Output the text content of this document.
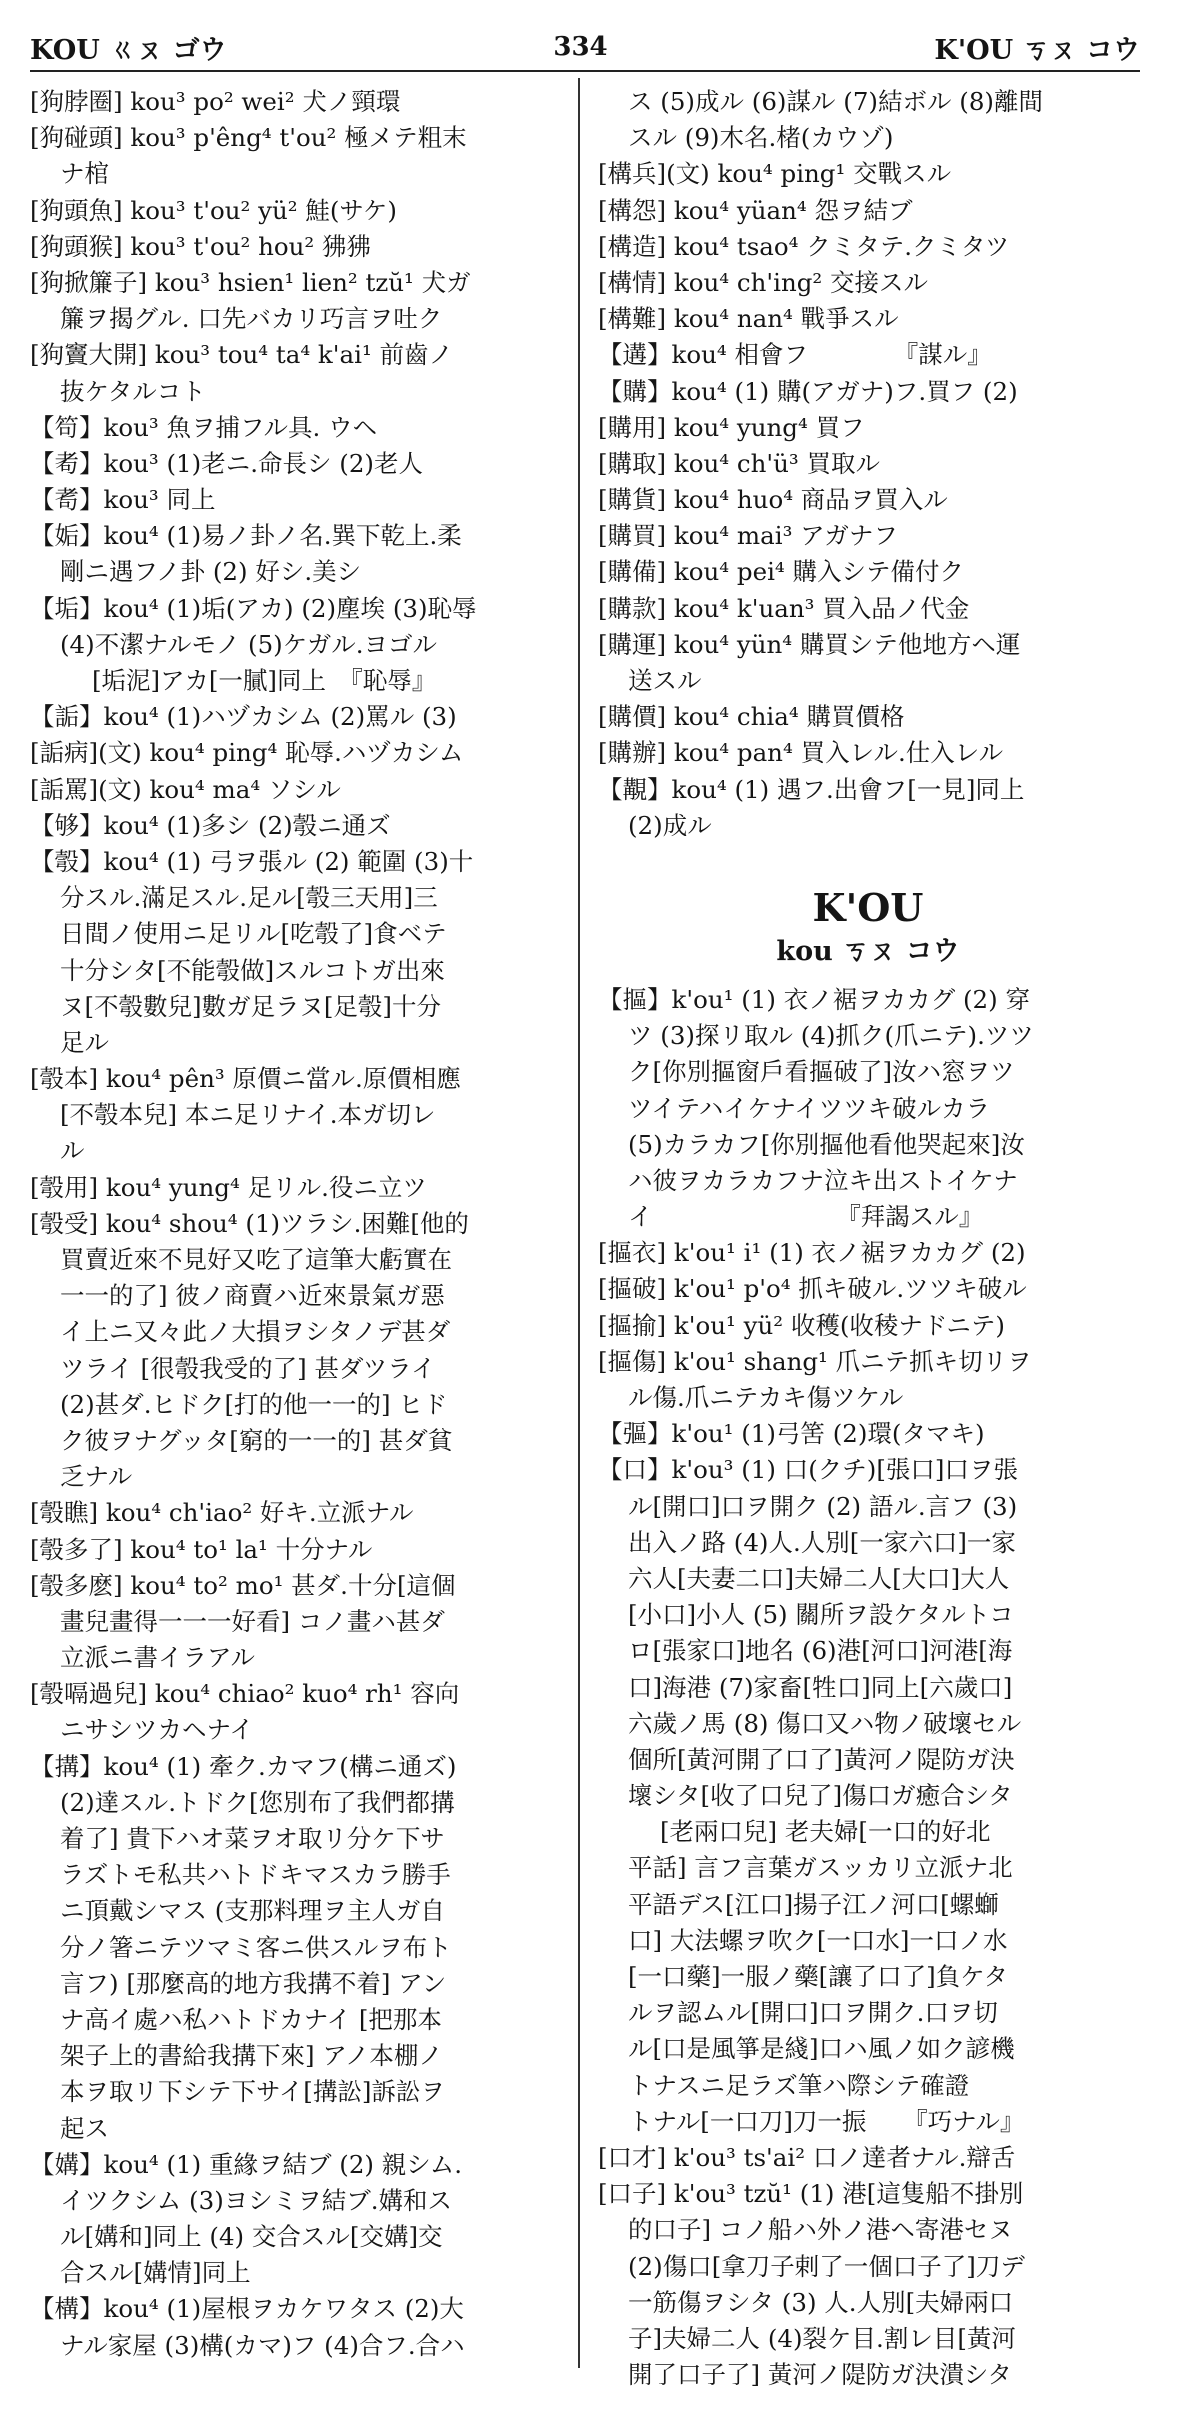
KOU ㄍㄡ ゴウ	334	K'OU ㄎㄡ コウ
[狗脖圈] kou³ po² wei² 犬ノ頸環
[狗碰頭] kou³ p'êng⁴ t'ou² 極メテ粗末
ナ棺
[狗頭魚] kou³ t'ou² yü² 鮭(サケ)
[狗頭猴] kou³ t'ou² hou² 狒狒
[狗掀簾子] kou³ hsien¹ lien² tzŭ¹ 犬ガ
簾ヲ揭グル. 口先バカリ巧言ヲ吐ク
[狗竇大開] kou³ tou⁴ ta⁴ k'ai¹ 前齒ノ
抜ケタルコト
【笱】kou³ 魚ヲ捕フル具. ウヘ
【耇】kou³ (1)老ニ.命長シ (2)老人
【耉】kou³ 同上
【姤】kou⁴ (1)易ノ卦ノ名.巽下乾上.柔
剛ニ遇フノ卦 (2) 好シ.美シ
【垢】kou⁴ (1)垢(アカ) (2)塵埃 (3)恥辱
(4)不潔ナルモノ (5)ケガル.ヨゴル
[垢泥]アカ[一膩]同上　『恥辱』
【詬】kou⁴ (1)ハヅカシム (2)罵ル (3)
[詬病](文) kou⁴ ping⁴ 恥辱.ハヅカシム
[詬罵](文) kou⁴ ma⁴ ソシル
【够】kou⁴ (1)多シ (2)彀ニ通ズ
【彀】kou⁴ (1) 弓ヲ張ル (2) 範圍 (3)十
分スル.滿足スル.足ル[彀三天用]三
日間ノ使用ニ足リル[吃彀了]食ベテ
十分シタ[不能彀做]スルコトガ出來
ヌ[不彀數兒]數ガ足ラヌ[足彀]十分
足ル
[彀本] kou⁴ pên³ 原價ニ當ル.原價相應
[不彀本兒] 本ニ足リナイ.本ガ切レ
ル
[彀用] kou⁴ yung⁴ 足リル.役ニ立ツ
[彀受] kou⁴ shou⁴ (1)ツラシ.困難[他的
買賣近來不見好又吃了這筆大虧實在
一一的了] 彼ノ商賣ハ近來景氣ガ惡
イ上ニ又々此ノ大損ヲシタノデ甚ダ
ツライ [很彀我受的了] 甚ダツライ
(2)甚ダ.ヒドク[打的他一一的] ヒド
ク彼ヲナグッタ[窮的一一的] 甚ダ貧
乏ナル
[彀瞧] kou⁴ ch'iao² 好キ.立派ナル
[彀多了] kou⁴ to¹ la¹ 十分ナル
[彀多麽] kou⁴ to² mo¹ 甚ダ.十分[這個
畫兒畫得一一一好看] コノ畫ハ甚ダ
立派ニ書イラアル
[彀嗝過兒] kou⁴ chiao² kuo⁴ rh¹ 容向
ニサシツカヘナイ
【搆】kou⁴ (1) 牽ク.カマフ(構ニ通ズ)
(2)達スル.トドク[您別布了我們都搆
着了] 貴下ハオ菜ヲオ取リ分ケ下サ
ラズトモ私共ハトドキマスカラ勝手
ニ頂戴シマス (支那料理ヲ主人ガ自
分ノ箸ニテツマミ客ニ供スルヲ布ト
言フ) [那麼高的地方我搆不着] アン
ナ高イ處ハ私ハトドカナイ [把那本
架子上的書給我搆下來] アノ本棚ノ
本ヲ取リ下シテ下サイ[搆訟]訴訟ヲ
起ス
【媾】kou⁴ (1) 重緣ヲ結ブ (2) 親シム.
イツクシム (3)ヨシミヲ結ブ.媾和ス
ル[媾和]同上 (4) 交合スル[交媾]交
合スル[媾情]同上
【構】kou⁴ (1)屋根ヲカケワタス (2)大
ナル家屋 (3)構(カマ)フ (4)合フ.合ハ
ス (5)成ル (6)謀ル (7)結ボル (8)離間
スル (9)木名.楮(カウゾ)
[構兵](文) kou⁴ ping¹ 交戰スル
[構怨] kou⁴ yüan⁴ 怨ヲ結ブ
[構造] kou⁴ tsao⁴ クミタテ.クミタツ
[構情] kou⁴ ch'ing² 交接スル
[構難] kou⁴ nan⁴ 戰爭スル
【遘】kou⁴ 相會フ　　　　『謀ル』
【購】kou⁴ (1) 購(アガナ)フ.買フ (2)
[購用] kou⁴ yung⁴ 買フ
[購取] kou⁴ ch'ü³ 買取ル
[購貨] kou⁴ huo⁴ 商品ヲ買入ル
[購買] kou⁴ mai³ アガナフ
[購備] kou⁴ pei⁴ 購入シテ備付ク
[購款] kou⁴ k'uan³ 買入品ノ代金
[購運] kou⁴ yün⁴ 購買シテ他地方ヘ運
送スル
[購價] kou⁴ chia⁴ 購買價格
[購辦] kou⁴ pan⁴ 買入レル.仕入レル
【覯】kou⁴ (1) 遇フ.出會フ[一見]同上
(2)成ル
K'OU
kou ㄎㄡ コウ
【摳】k'ou¹ (1) 衣ノ裾ヲカカグ (2) 穿
ツ (3)探リ取ル (4)抓ク(爪ニテ).ツツ
ク[你別摳窗戶看摳破了]汝ハ窓ヲツ
ツイテハイケナイツツキ破ルカラ
(5)カラカフ[你別摳他看他哭起來]汝
ハ彼ヲカラカフナ泣キ出ストイケナ
イ　　　　　　　　『拜謁スル』
[摳衣] k'ou¹ i¹ (1) 衣ノ裾ヲカカグ (2)
[摳破] k'ou¹ p'o⁴ 抓キ破ル.ツツキ破ル
[摳揄] k'ou¹ yü² 收穫(收稜ナドニテ)
[摳傷] k'ou¹ shang¹ 爪ニテ抓キ切リヲ
ル傷.爪ニテカキ傷ツケル
【彄】k'ou¹ (1)弓筈 (2)環(タマキ)
【口】k'ou³ (1) 口(クチ)[張口]口ヲ張
ル[開口]口ヲ開ク (2) 語ル.言フ (3)
出入ノ路 (4)人.人別[一家六口]一家
六人[夫妻二口]夫婦二人[大口]大人
[小口]小人 (5) 關所ヲ設ケタルトコ
ロ[張家口]地名 (6)港[河口]河港[海
口]海港 (7)家畜[牲口]同上[六歲口]
六歲ノ馬 (8) 傷口又ハ物ノ破壞セル
個所[黃河開了口了]黃河ノ隄防ガ決
壞シタ[收了口兒了]傷口ガ癒合シタ
[老兩口兒] 老夫婦[一口的好北
平話] 言フ言葉ガスッカリ立派ナ北
平語デス[江口]揚子江ノ河口[螺螄
口] 大法螺ヲ吹ク[一口水]一口ノ水
[一口藥]一服ノ藥[讓了口了]負ケタ
ルヲ認ムル[開口]口ヲ開ク.口ヲ切
ル[口是風箏是綫]口ハ風ノ如ク諺機
トナスニ足ラズ筆ハ際シテ確證
トナル[一口刀]刀一振　　『巧ナル』
[口才] k'ou³ ts'ai² 口ノ達者ナル.辯舌
[口子] k'ou³ tzŭ¹ (1) 港[這隻船不掛別
的口子] コノ船ハ外ノ港ヘ寄港セヌ
(2)傷口[拿刀子剌了一個口子了]刀デ
一筋傷ヲシタ (3) 人.人別[夫婦兩口
子]夫婦二人 (4)裂ケ目.割レ目[黃河
開了口子了] 黃河ノ隄防ガ決潰シタ
